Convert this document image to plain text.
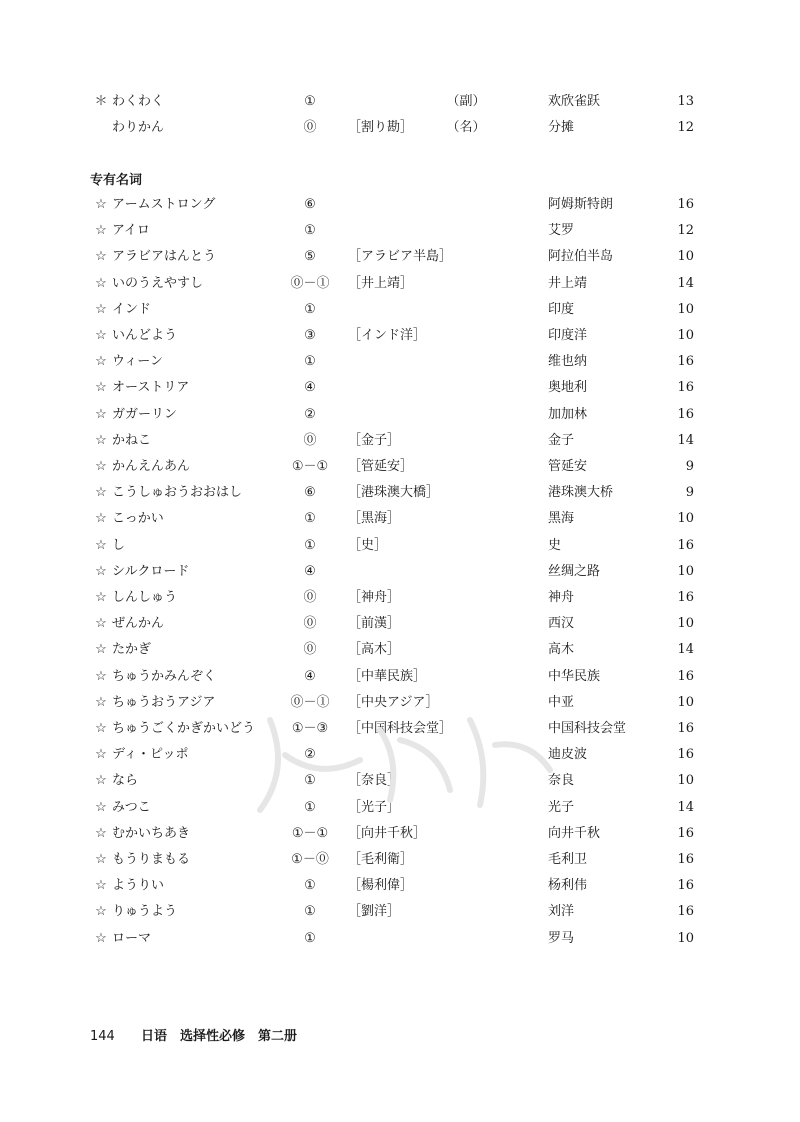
＊ わくわく	①	（副）	欢欣雀跃	13
わりかん	⓪	［割り勘］	（名）	分摊	12
专有名词
☆ アームストロング	⑥	阿姆斯特朗	16
☆ アイロ	①	艾罗	12
☆ アラビアはんとう	⑤	［アラビア半島］	阿拉伯半岛	10
☆ いのうえやすし	⓪－①	［井上靖］	井上靖	14
☆ インド	①	印度	10
☆ いんどよう	③	［インド洋］	印度洋	10
☆ ウィーン	①	维也纳	16
☆ オーストリア	④	奥地利	16
☆ ガガーリン	②	加加林	16
☆ かねこ	⓪	［金子］	金子	14
☆ かんえんあん	①－①	［管延安］	管延安	9
☆ こうしゅおうおおはし	⑥	［港珠澳大橋］	港珠澳大桥	9
☆ こっかい	①	［黒海］	黑海	10
☆ し	①	［史］	史	16
☆ シルクロード	④	丝绸之路	10
☆ しんしゅう	⓪	［神舟］	神舟	16
☆ ぜんかん	⓪	［前漢］	西汉	10
☆ たかぎ	⓪	［高木］	高木	14
☆ ちゅうかみんぞく	④	［中華民族］	中华民族	16
☆ ちゅうおうアジア	⓪－①	［中央アジア］	中亚	10
☆ ちゅうごくかぎかいどう	①－③	［中国科技会堂］	中国科技会堂	16
☆ ディ・ピッポ	②	迪皮波	16
☆ なら	①	［奈良］	奈良	10
☆ みつこ	①	［光子］	光子	14
☆ むかいちあき	①－①	［向井千秋］	向井千秋	16
☆ もうりまもる	①－⓪	［毛利衛］	毛利卫	16
☆ ようりい	①	［楊利偉］	杨利伟	16
☆ りゅうよう	①	［劉洋］	刘洋	16
☆ ローマ	①	罗马	10
144 日语　选择性必修　第二册
